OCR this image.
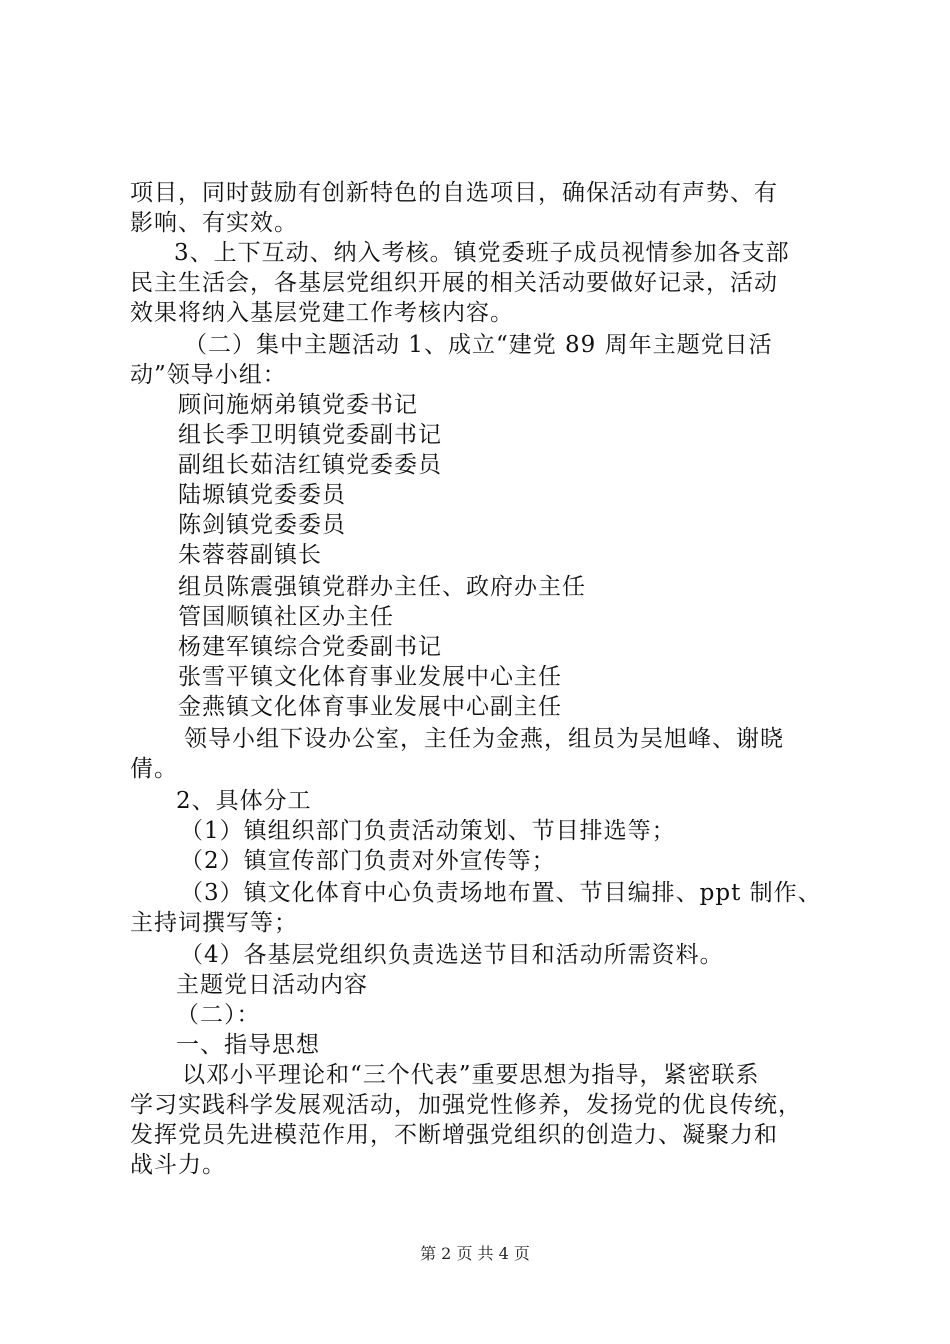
项目，同时鼓励有创新特色的自选项目，确保活动有声势、有
影响、有实效。
3、上下互动、纳入考核。镇党委班子成员视情参加各支部
民主生活会，各基层党组织开展的相关活动要做好记录，活动
效果将纳入基层党建工作考核内容。
（二）集中主题活动 1、成立“建党 89 周年主题党日活
动”领导小组：
顾问施炳弟镇党委书记
组长季卫明镇党委副书记
副组长茹洁红镇党委委员
陆塬镇党委委员
陈剑镇党委委员
朱蓉蓉副镇长
组员陈震强镇党群办主任、政府办主任
管国顺镇社区办主任
杨建军镇综合党委副书记
张雪平镇文化体育事业发展中心主任
金燕镇文化体育事业发展中心副主任
领导小组下设办公室，主任为金燕，组员为吴旭峰、谢晓
倩。
2、具体分工
（1）镇组织部门负责活动策划、节目排选等；
（2）镇宣传部门负责对外宣传等；
（3）镇文化体育中心负责场地布置、节目编排、ppt 制作、
主持词撰写等；
（4）各基层党组织负责选送节目和活动所需资料。
主题党日活动内容
（二）：
一、指导思想
以邓小平理论和“三个代表”重要思想为指导，紧密联系
学习实践科学发展观活动，加强党性修养，发扬党的优良传统，
发挥党员先进模范作用，不断增强党组织的创造力、凝聚力和
战斗力。
第 2 页 共 4 页
